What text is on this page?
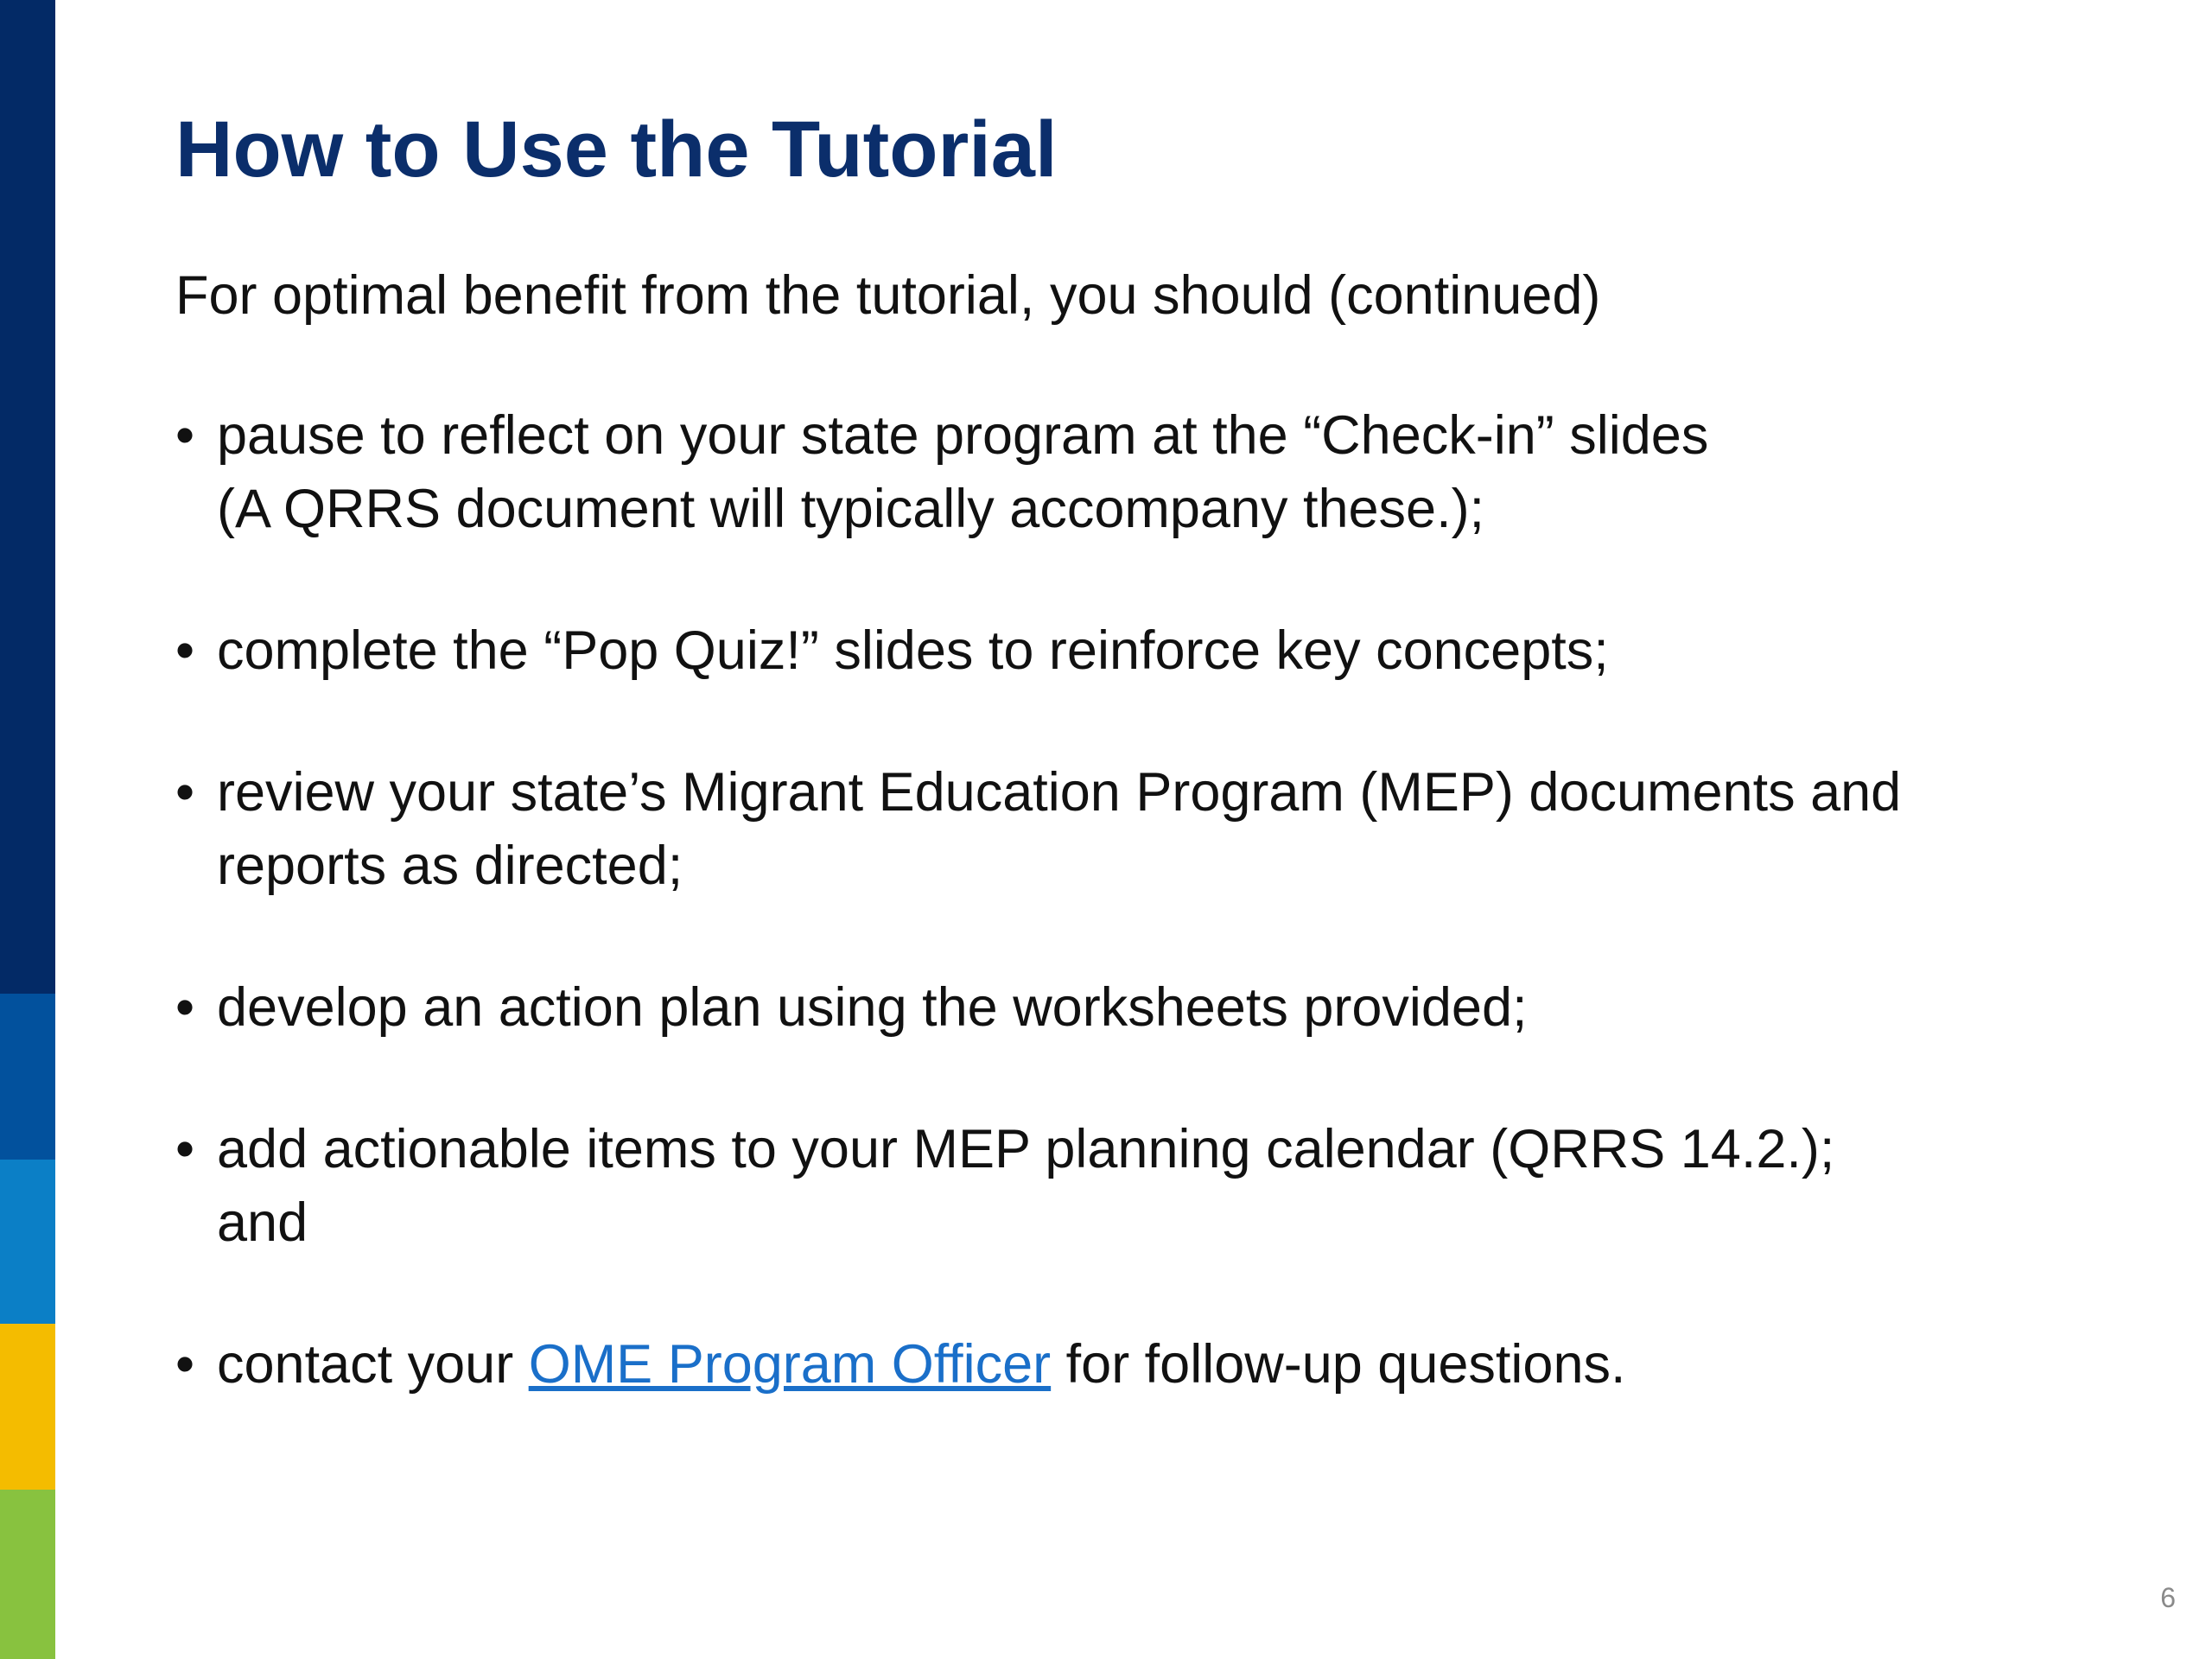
How to Use the Tutorial

For optimal benefit from the tutorial, you should (continued)

• pause to reflect on your state program at the “Check-in” slides
(A QRRS document will typically accompany these.);
• complete the “Pop Quiz!” slides to reinforce key concepts;
• review your state’s Migrant Education Program (MEP) documents and
reports as directed;
• develop an action plan using the worksheets provided;
• add actionable items to your MEP planning calendar (QRRS 14.2.);
and
• contact your OME Program Officer for follow-up questions.
6
